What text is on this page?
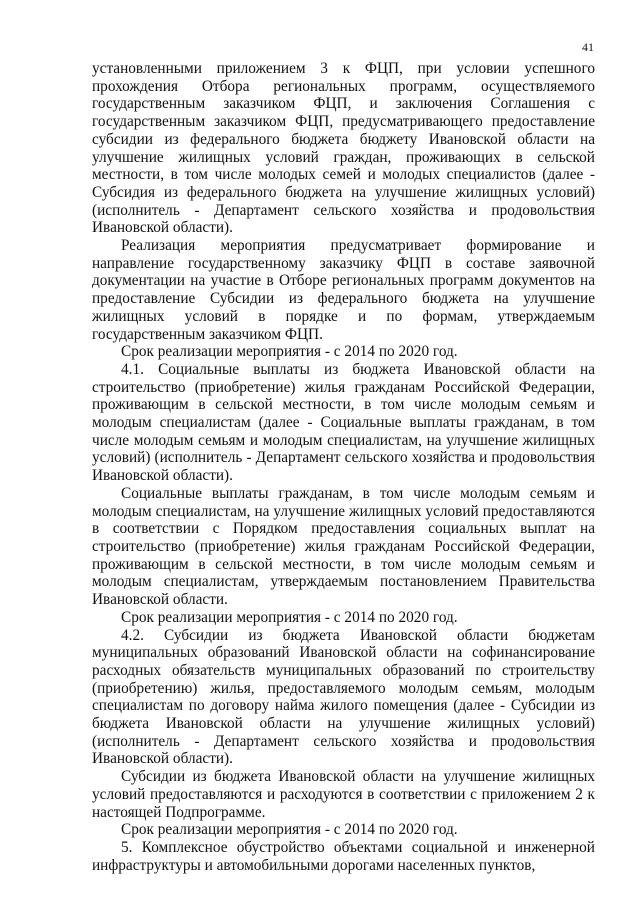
41

установленными приложением 3 к ФЦП, при условии успешного прохождения Отбора региональных программ, осуществляемого государственным заказчиком ФЦП, и заключения Соглашения с государственным заказчиком ФЦП, предусматривающего предоставление субсидии из федерального бюджета бюджету Ивановской области на улучшение жилищных условий граждан, проживающих в сельской местности, в том числе молодых семей и молодых специалистов (далее - Субсидия из федерального бюджета на улучшение жилищных условий) (исполнитель - Департамент сельского хозяйства и продовольствия Ивановской области).

Реализация мероприятия предусматривает формирование и направление государственному заказчику ФЦП в составе заявочной документации на участие в Отборе региональных программ документов на предоставление Субсидии из федерального бюджета на улучшение жилищных условий в порядке и по формам, утверждаемым государственным заказчиком ФЦП.

Срок реализации мероприятия - с 2014 по 2020 год.

4.1. Социальные выплаты из бюджета Ивановской области на строительство (приобретение) жилья гражданам Российской Федерации, проживающим в сельской местности, в том числе молодым семьям и молодым специалистам (далее - Социальные выплаты гражданам, в том числе молодым семьям и молодым специалистам, на улучшение жилищных условий) (исполнитель - Департамент сельского хозяйства и продовольствия Ивановской области).

Социальные выплаты гражданам, в том числе молодым семьям и молодым специалистам, на улучшение жилищных условий предоставляются в соответствии с Порядком предоставления социальных выплат на строительство (приобретение) жилья гражданам Российской Федерации, проживающим в сельской местности, в том числе молодым семьям и молодым специалистам, утверждаемым постановлением Правительства Ивановской области.

Срок реализации мероприятия - с 2014 по 2020 год.

4.2. Субсидии из бюджета Ивановской области бюджетам муниципальных образований Ивановской области на софинансирование расходных обязательств муниципальных образований по строительству (приобретению) жилья, предоставляемого молодым семьям, молодым специалистам по договору найма жилого помещения (далее - Субсидии из бюджета Ивановской области на улучшение жилищных условий) (исполнитель - Департамент сельского хозяйства и продовольствия Ивановской области).

Субсидии из бюджета Ивановской области на улучшение жилищных условий предоставляются и расходуются в соответствии с приложением 2 к настоящей Подпрограмме.

Срок реализации мероприятия - с 2014 по 2020 год.

5. Комплексное обустройство объектами социальной и инженерной инфраструктуры и автомобильными дорогами населенных пунктов,
